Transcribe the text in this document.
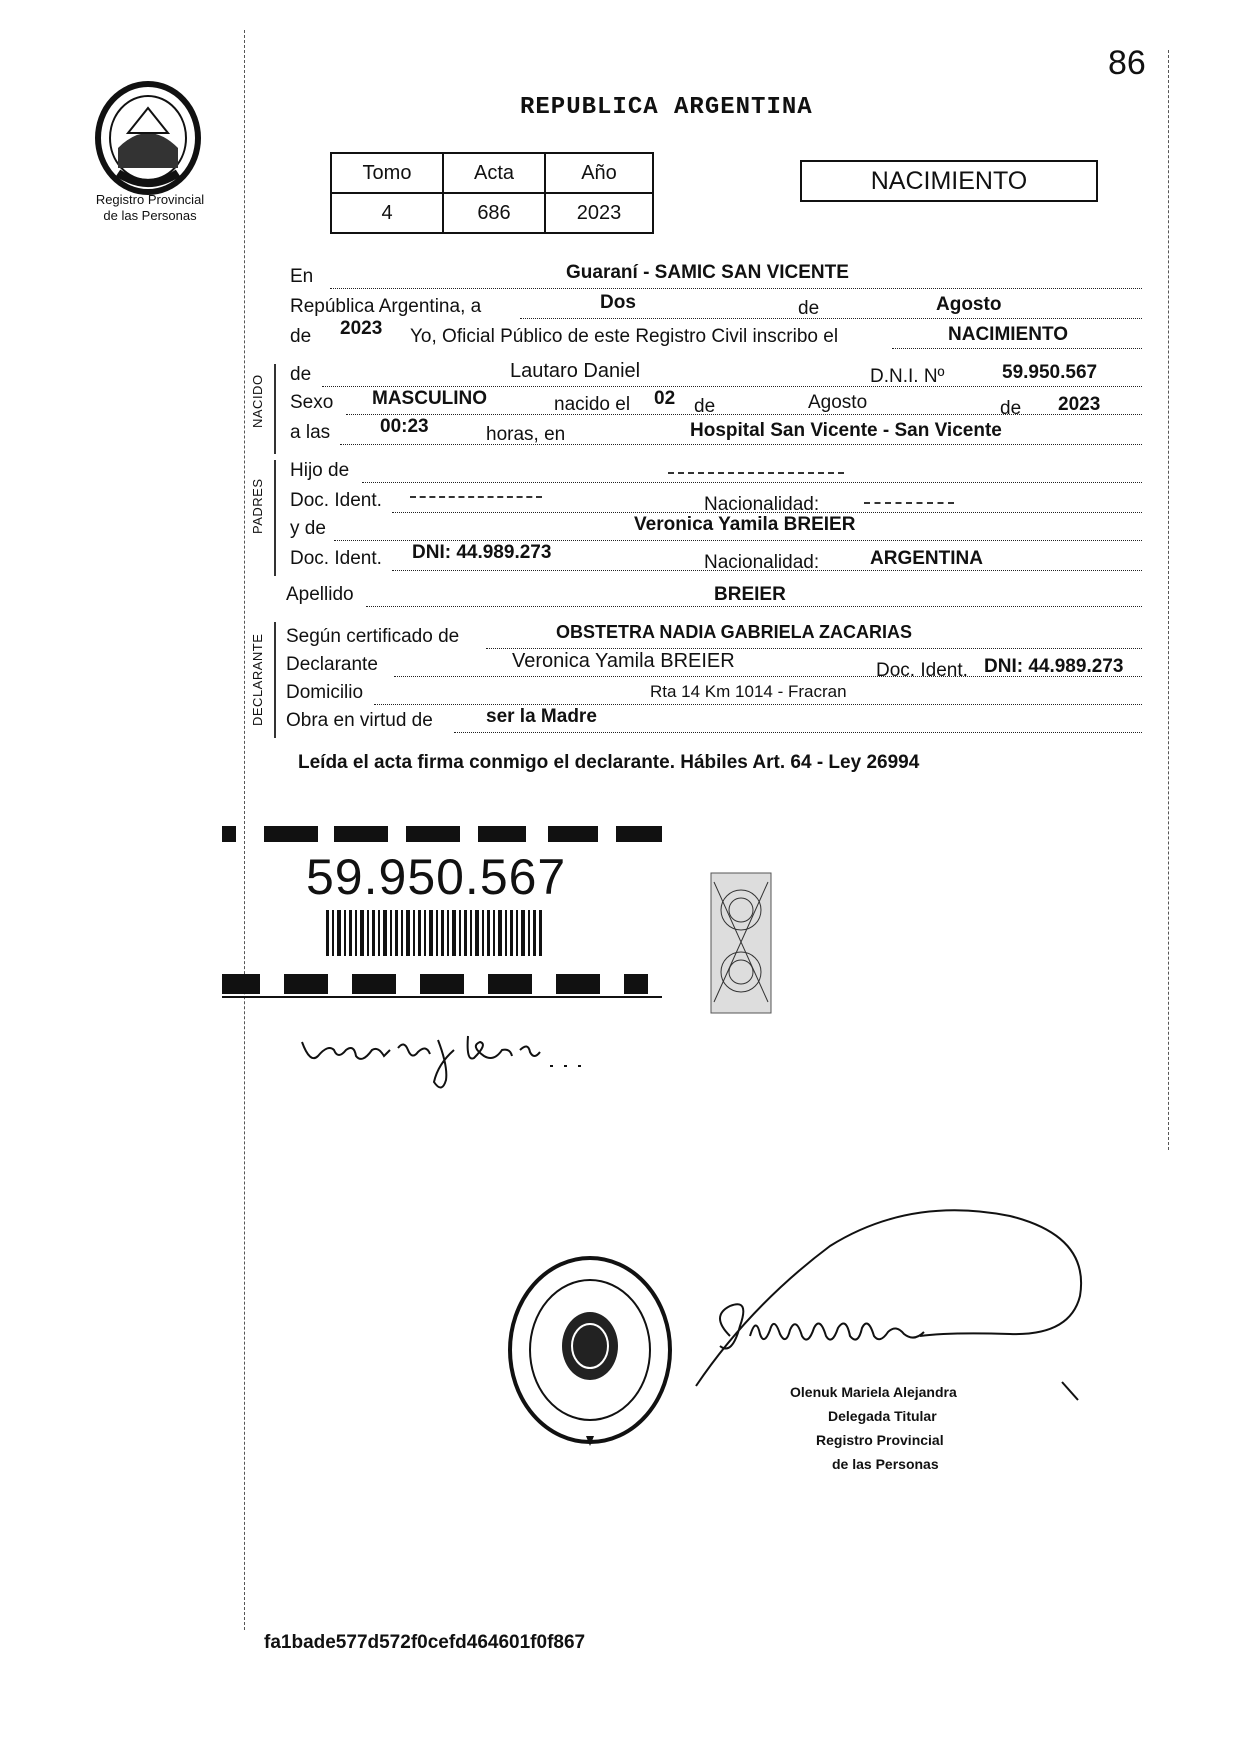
86
Registro Provincial
de las Personas
REPUBLICA ARGENTINA
Tomo	Acta	Año
4	686	2023
NACIMIENTO
En	Guaraní - SAMIC SAN VICENTE
República Argentina, a	Dos	de	Agosto
de 2023 Yo, Oficial Público de este Registro Civil inscribo el	NACIMIENTO
NACIDO de	Lautaro Daniel	D.N.I. Nº	59.950.567
Sexo MASCULINO	nacido el 02 de	Agosto	de 2023
a las	00:23	horas, en	Hospital San Vicente - San Vicente
PADRES
Hijo de
Doc. Ident.	Nacionalidad:
y de	Veronica Yamila BREIER
Doc. Ident. DNI: 44.989.273	Nacionalidad:	ARGENTINA
Apellido	BREIER
DECLARANTE Según certificado de	OBSTETRA NADIA GABRIELA ZACARIAS
Declarante	Veronica Yamila BREIER	Doc. Ident. DNI: 44.989.273
Domicilio	Rta 14 Km 1014 - Fracran
Obra en virtud de	ser la Madre
Leída el acta firma conmigo el declarante. Hábiles Art. 64 - Ley 26994
59.950.567
Olenuk Mariela Alejandra
Delegada Titular
Registro Provincial
de las Personas
fa1bade577d572f0cefd464601f0f867
